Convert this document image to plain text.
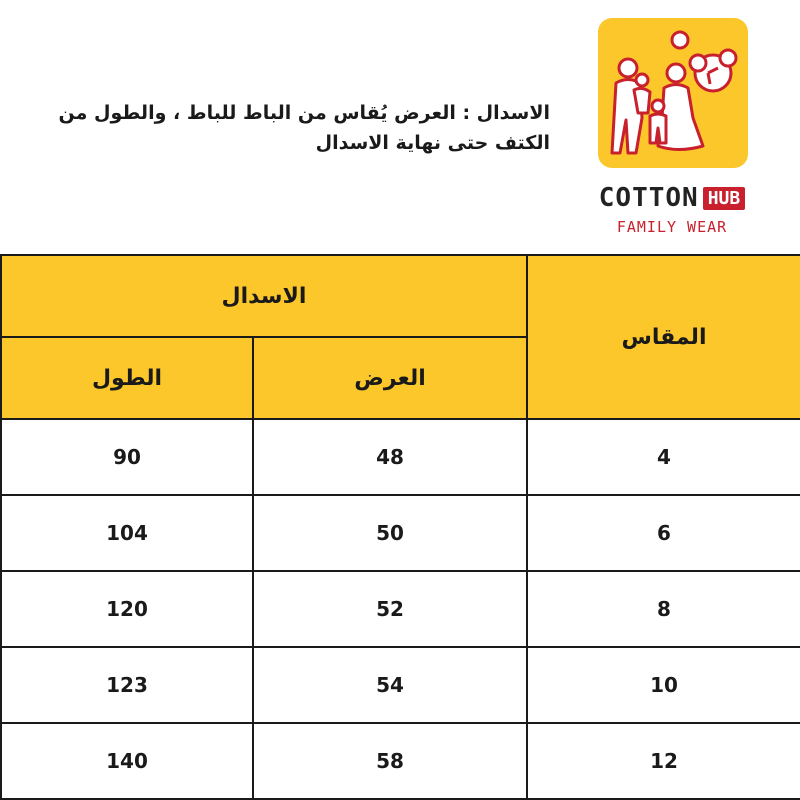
الاسدال : العرض يُقاس من الباط للباط ، والطول من
الكتف حتى نهاية الاسدال
COTTON HUB
FAMILY WEAR
المقاس	الاسدال	
	العرض	الطول
4	48	90
6	50	104
8	52	120
10	54	123
12	58	140
